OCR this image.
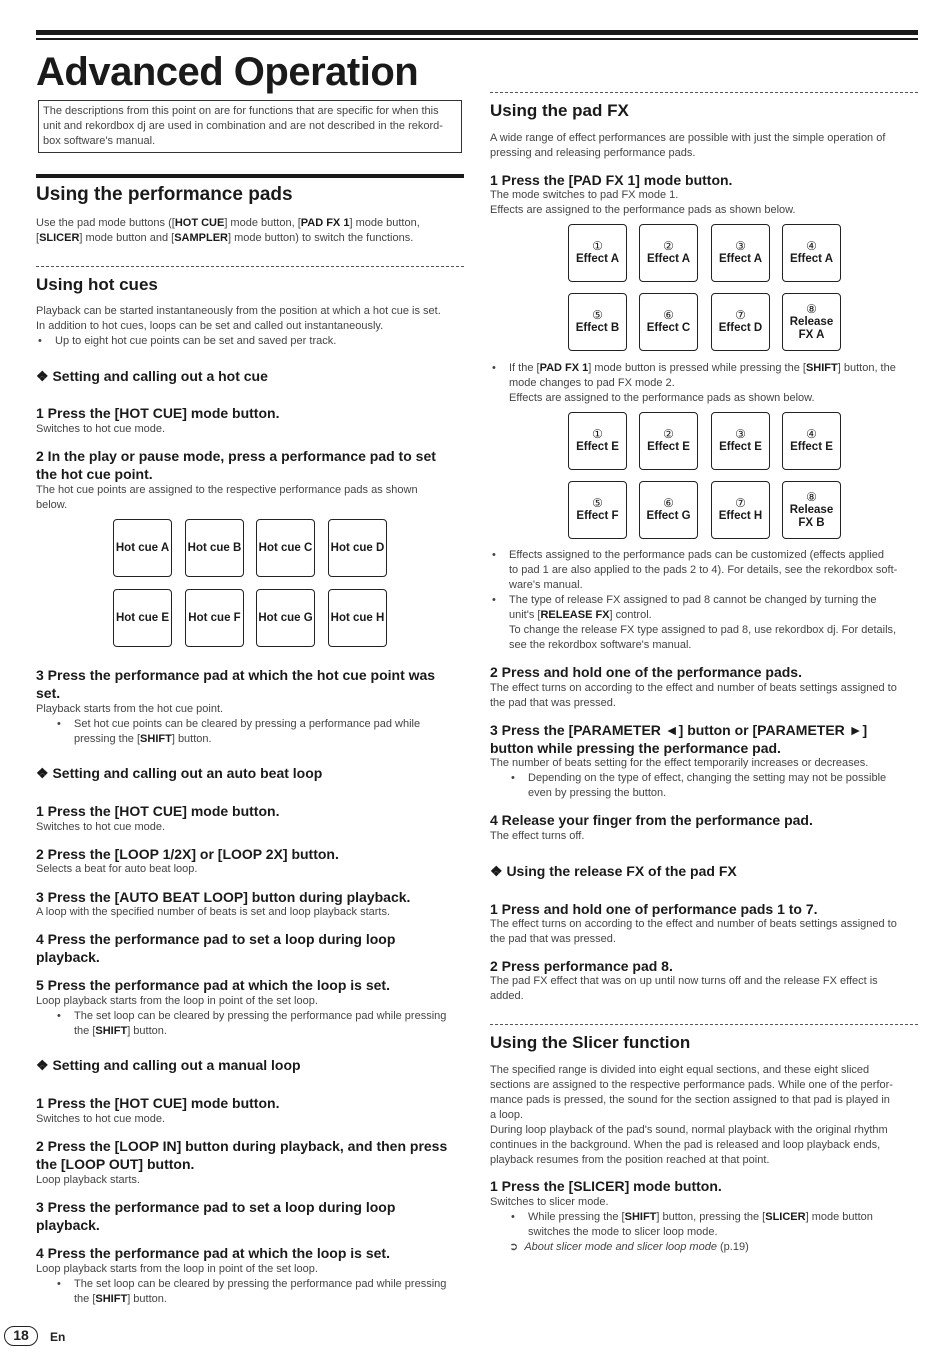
Advanced Operation
The descriptions from this point on are for functions that are specific for when this unit and rekordbox dj are used in combination and are not described in the rekord-box software's manual.
Using the performance pads
Use the pad mode buttons ([HOT CUE] mode button, [PAD FX 1] mode button,
[SLICER] mode button and [SAMPLER] mode button) to switch the functions.
Using hot cues
Playback can be started instantaneously from the position at which a hot cue is set.
In addition to hot cues, loops can be set and called out instantaneously.
• Up to eight hot cue points can be set and saved per track.
❖ Setting and calling out a hot cue
1 Press the [HOT CUE] mode button.
Switches to hot cue mode.
2 In the play or pause mode, press a performance pad to set
the hot cue point.
The hot cue points are assigned to the respective performance pads as shown
below.
Hot cue A Hot cue B Hot cue C Hot cue D
Hot cue E Hot cue F Hot cue G Hot cue H
3 Press the performance pad at which the hot cue point was
set.
Playback starts from the hot cue point.
• Set hot cue points can be cleared by pressing a performance pad while
pressing the [SHIFT] button.
❖ Setting and calling out an auto beat loop
1 Press the [HOT CUE] mode button.
Switches to hot cue mode.
2 Press the [LOOP 1/2X] or [LOOP 2X] button.
Selects a beat for auto beat loop.
3 Press the [AUTO BEAT LOOP] button during playback.
A loop with the specified number of beats is set and loop playback starts.
4 Press the performance pad to set a loop during loop
playback.
5 Press the performance pad at which the loop is set.
Loop playback starts from the loop in point of the set loop.
• The set loop can be cleared by pressing the performance pad while pressing
the [SHIFT] button.
❖ Setting and calling out a manual loop
1 Press the [HOT CUE] mode button.
Switches to hot cue mode.
2 Press the [LOOP IN] button during playback, and then press
the [LOOP OUT] button.
Loop playback starts.
3 Press the performance pad to set a loop during loop
playback.
4 Press the performance pad at which the loop is set.
Loop playback starts from the loop in point of the set loop.
• The set loop can be cleared by pressing the performance pad while pressing
the [SHIFT] button.
Using the pad FX
A wide range of effect performances are possible with just the simple operation of
pressing and releasing performance pads.
1 Press the [PAD FX 1] mode button.
The mode switches to pad FX mode 1.
Effects are assigned to the performance pads as shown below.
①
Effect A
②
Effect A
③
Effect A
④
Effect A
⑤
Effect B
⑥
Effect C
⑦
Effect D
⑧
Release
FX A
• If the [PAD FX 1] mode button is pressed while pressing the [SHIFT] button, the
mode changes to pad FX mode 2.
Effects are assigned to the performance pads as shown below.
①
Effect E
②
Effect E
③
Effect E
④
Effect E
⑤
Effect F
⑥
Effect G
⑦
Effect H
⑧
Release
FX B
• Effects assigned to the performance pads can be customized (effects applied
to pad 1 are also applied to the pads 2 to 4). For details, see the rekordbox soft-
ware's manual.
• The type of release FX assigned to pad 8 cannot be changed by turning the
unit's [RELEASE FX] control.
To change the release FX type assigned to pad 8, use rekordbox dj. For details,
see the rekordbox software's manual.
2 Press and hold one of the performance pads.
The effect turns on according to the effect and number of beats settings assigned to
the pad that was pressed.
3 Press the [PARAMETER ◄] button or [PARAMETER ►]
button while pressing the performance pad.
The number of beats setting for the effect temporarily increases or decreases.
• Depending on the type of effect, changing the setting may not be possible
even by pressing the button.
4 Release your finger from the performance pad.
The effect turns off.
❖ Using the release FX of the pad FX
1 Press and hold one of performance pads 1 to 7.
The effect turns on according to the effect and number of beats settings assigned to
the pad that was pressed.
2 Press performance pad 8.
The pad FX effect that was on up until now turns off and the release FX effect is
added.
Using the Slicer function
The specified range is divided into eight equal sections, and these eight sliced
sections are assigned to the respective performance pads. While one of the perfor-
mance pads is pressed, the sound for the section assigned to that pad is played in
a loop.
During loop playback of the pad's sound, normal playback with the original rhythm
continues in the background. When the pad is released and loop playback ends,
playback resumes from the position reached at that point.
1 Press the [SLICER] mode button.
Switches to slicer mode.
• While pressing the [SHIFT] button, pressing the [SLICER] mode button
switches the mode to slicer loop mode.
➲ About slicer mode and slicer loop mode (p.19)
18	En
